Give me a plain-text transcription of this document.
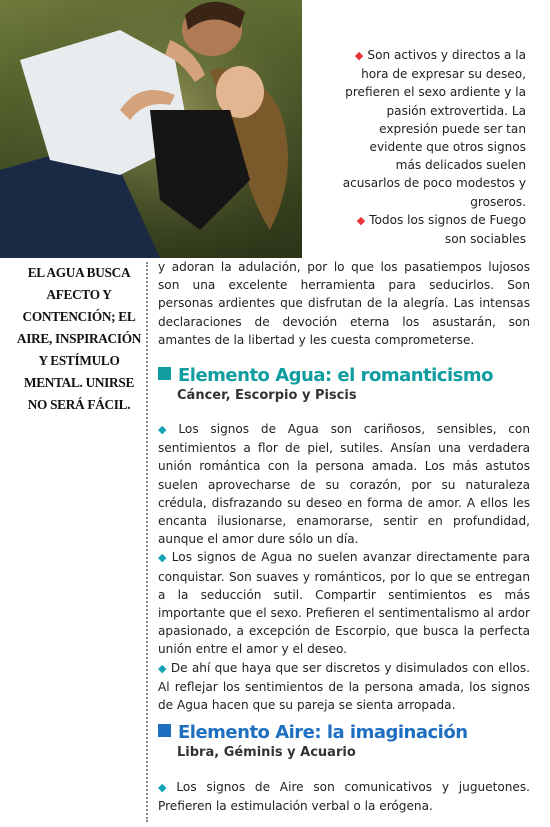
◆ Son activos y directos a la hora de expresar su deseo, prefieren el sexo ardiente y la pasión extrovertida. La expresión puede ser tan evidente que otros signos más delicados suelen acusarlos de poco modestos y groseros.

◆ Todos los signos de Fuego son sociables

EL AGUA BUSCA AFECTO Y CONTENCIÓN; EL AIRE, INSPIRACIÓN Y ESTÍMULO MENTAL. UNIRSE NO SERÁ FÁCIL.

y adoran la adulación, por lo que los pasatiempos lujosos son una excelente herramienta para seducirlos. Son personas ardientes que disfrutan de la alegría. Las intensas declaraciones de devoción eterna los asustarán, son amantes de la libertad y les cuesta comprometerse.

Elemento Agua: el romanticismo
Cáncer, Escorpio y Piscis

◆ Los signos de Agua son cariñosos, sensibles, con sentimientos a flor de piel, sutiles. Ansían una verdadera unión romántica con la persona amada. Los más astutos suelen aprovecharse de su corazón, por su naturaleza crédula, disfrazando su deseo en forma de amor. A ellos les encanta ilusionarse, enamorarse, sentir en profundidad, aunque el amor dure sólo un día.

◆ Los signos de Agua no suelen avanzar directamente para conquistar. Son suaves y románticos, por lo que se entregan a la seducción sutil. Compartir sentimientos es más importante que el sexo. Prefieren el sentimentalismo al ardor apasionado, a excepción de Escorpio, que busca la perfecta unión entre el amor y el deseo.

◆ De ahí que haya que ser discretos y disimulados con ellos. Al reflejar los sentimientos de la persona amada, los signos de Agua hacen que su pareja se sienta arropada.

Elemento Aire: la imaginación
Libra, Géminis y Acuario

◆ Los signos de Aire son comunicativos y juguetones. Prefieren la estimulación verbal o la erógena.
